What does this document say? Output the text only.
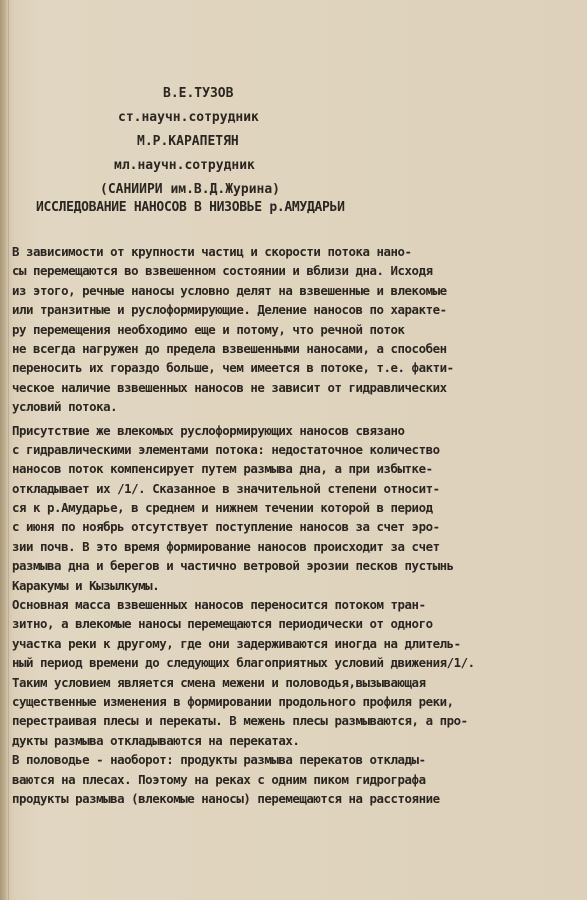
В.Е.ТУЗОВ
ст.научн.сотрудник
М.Р.КАРАПЕТЯН
мл.научн.сотрудник
(САНИИРИ им.В.Д.Журина)
ИССЛЕДОВАНИЕ НАНОСОВ В НИЗОВЬЕ р.АМУДАРЬИ
В зависимости от крупности частиц и скорости потока нано-
сы перемещаются во взвешенном состоянии и вблизи дна. Исходя
из этого, речные наносы условно делят на взвешенные и влекомые
или транзитные и руслоформирующие. Деление наносов по характе-
ру перемещения необходимо еще и потому, что речной поток
не всегда нагружен до предела взвешенными наносами, а способен
переносить их гораздо больше, чем имеется в потоке, т.е. факти-
ческое наличие взвешенных наносов не зависит от гидравлических
условий потока.
Присутствие же влекомых руслоформирующих наносов связано
с гидравлическими элементами потока: недостаточное количество
наносов поток компенсирует путем размыва дна, а при избытке-
откладывает их /1/. Сказанное в значительной степени относит-
ся к р.Амударье, в среднем и нижнем течении которой в период
с июня по ноябрь отсутствует поступление наносов за счет эро-
зии почв. В это время формирование наносов происходит за счет
размыва дна и берегов и частично ветровой эрозии песков пустынь
Каракумы и Кызылкумы.
Основная масса взвешенных наносов переносится потоком тран-
зитно, а влекомые наносы перемещаются периодически от одного
участка реки к другому, где они задерживаются иногда на длитель-
ный период времени до следующих благоприятных условий движения/1/.
Таким условием является смена межени и половодья,вызывающая
существенные изменения в формировании продольного профиля реки,
перестраивая плесы и перекаты. В межень плесы размываются, а про-
дукты размыва откладываются на перекатах.
В половодье - наоборот: продукты размыва перекатов отклады-
ваются на плесах. Поэтому на реках с одним пиком гидрографа
продукты размыва (влекомые наносы) перемещаются на расстояние
